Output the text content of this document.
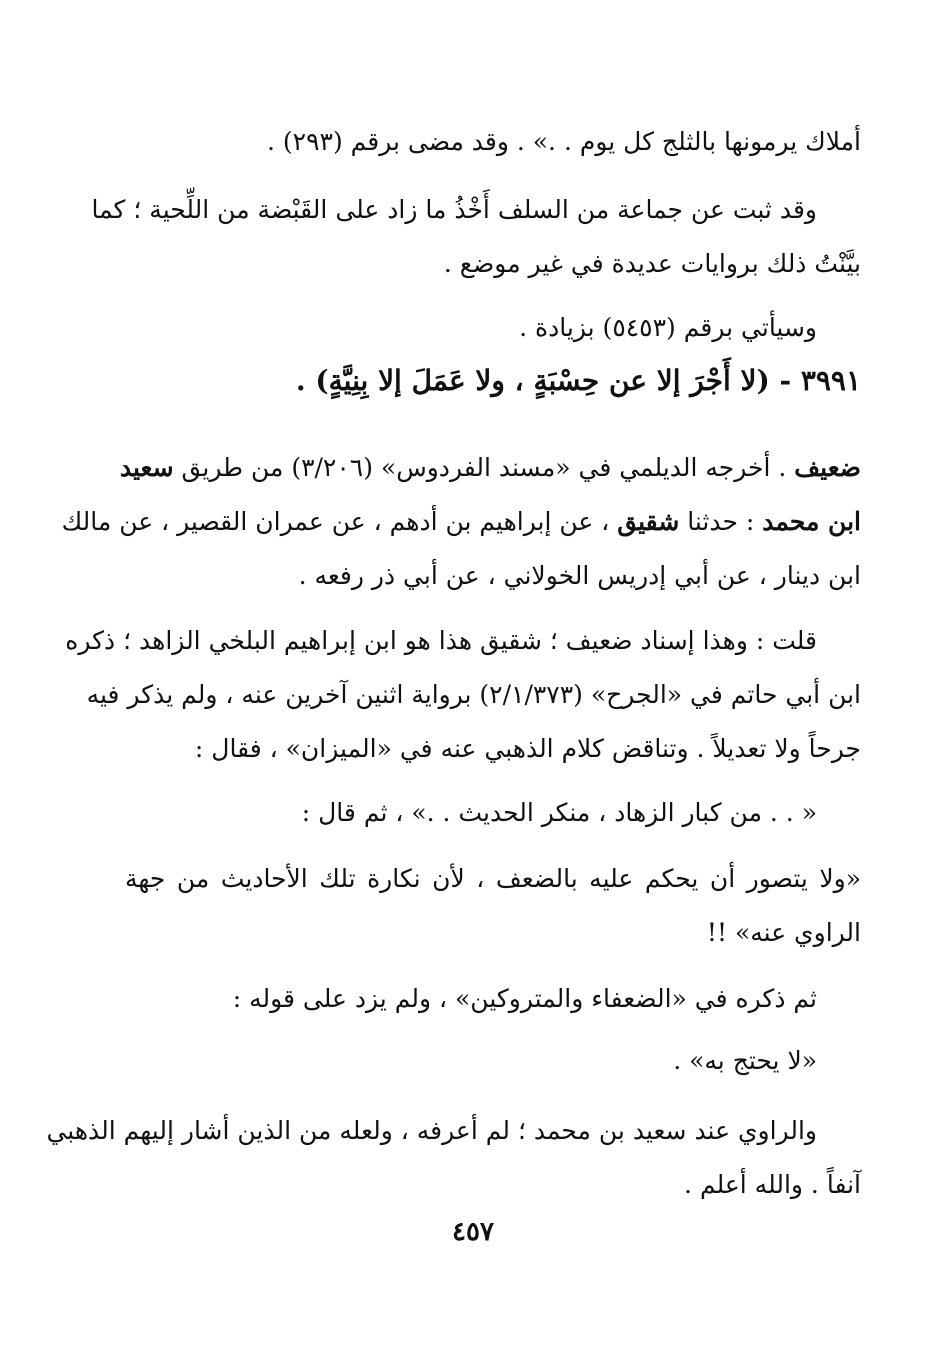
أملاك يرمونها بالثلج كل يوم . .» . وقد مضى برقم (٢٩٣) .
وقد ثبت عن جماعة من السلف أَخْذُ ما زاد على القَبْضة من اللِّحية ؛ كما
بيَّنْتُ ذلك بروايات عديدة في غير موضع .
وسيأتي برقم (٥٤٥٣) بزيادة .
٣٩٩١ - (لا أَجْرَ إلا عن حِسْبَةٍ ، ولا عَمَلَ إلا بِنِيَّةٍ) .
ضعيف . أخرجه الديلمي في «مسند الفردوس» (٣/٢٠٦) من طريق سعيد
ابن محمد : حدثنا شقيق ، عن إبراهيم بن أدهم ، عن عمران القصير ، عن مالك
ابن دينار ، عن أبي إدريس الخولاني ، عن أبي ذر رفعه .
قلت : وهذا إسناد ضعيف ؛ شقيق هذا هو ابن إبراهيم البلخي الزاهد ؛ ذكره
ابن أبي حاتم في «الجرح» (٢/١/٣٧٣) برواية اثنين آخرين عنه ، ولم يذكر فيه
جرحاً ولا تعديلاً . وتناقض كلام الذهبي عنه في «الميزان» ، فقال :
« . . من كبار الزهاد ، منكر الحديث . .» ، ثم قال :
«ولا يتصور أن يحكم عليه بالضعف ، لأن نكارة تلك الأحاديث من جهة
الراوي عنه» !!
ثم ذكره في «الضعفاء والمتروكين» ، ولم يزد على قوله :
«لا يحتج به» .
والراوي عند سعيد بن محمد ؛ لم أعرفه ، ولعله من الذين أشار إليهم الذهبي
آنفاً . والله أعلم .
٤٥٧
